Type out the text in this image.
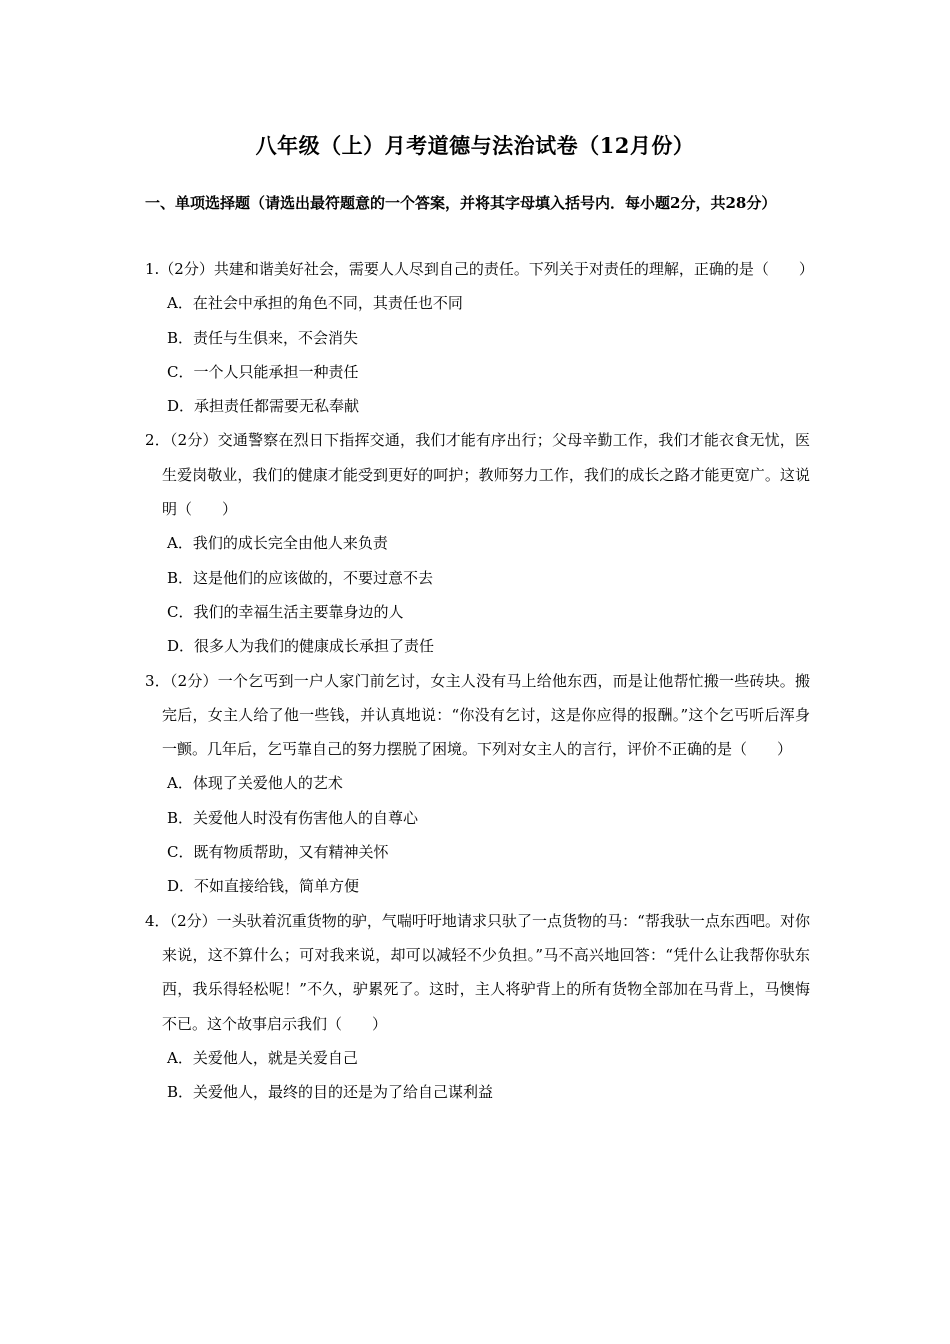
八年级（上）月考道德与法治试卷（12月份）
一、单项选择题（请选出最符题意的一个答案，并将其字母填入括号内．每小题2分，共28分）

1.（2分）共建和谐美好社会，需要人人尽到自己的责任。下列关于对责任的理解，正确的是（　　）

A．在社会中承担的角色不同，其责任也不同

B．责任与生俱来，不会消失

C．一个人只能承担一种责任

D．承担责任都需要无私奉献

2．（2分）交通警察在烈日下指挥交通，我们才能有序出行；父母辛勤工作，我们才能衣食无忧，医生爱岗敬业，我们的健康才能受到更好的呵护；教师努力工作，我们的成长之路才能更宽广。这说明（　　）

A．我们的成长完全由他人来负责

B．这是他们的应该做的，不要过意不去

C．我们的幸福生活主要靠身边的人

D．很多人为我们的健康成长承担了责任

3．（2分）一个乞丐到一户人家门前乞讨，女主人没有马上给他东西，而是让他帮忙搬一些砖块。搬完后，女主人给了他一些钱，并认真地说：“你没有乞讨，这是你应得的报酬。”这个乞丐听后浑身一颤。几年后，乞丐靠自己的努力摆脱了困境。下列对女主人的言行，评价不正确的是（　　）

A．体现了关爱他人的艺术

B．关爱他人时没有伤害他人的自尊心

C．既有物质帮助，又有精神关怀

D．不如直接给钱，简单方便

4．（2分）一头驮着沉重货物的驴，气喘吁吁地请求只驮了一点货物的马：“帮我驮一点东西吧。对你来说，这不算什么；可对我来说，却可以减轻不少负担。”马不高兴地回答：“凭什么让我帮你驮东西，我乐得轻松呢！”不久，驴累死了。这时，主人将驴背上的所有货物全部加在马背上，马懊悔不已。这个故事启示我们（　　）

A．关爱他人，就是关爱自己

B．关爱他人，最终的目的还是为了给自己谋利益
